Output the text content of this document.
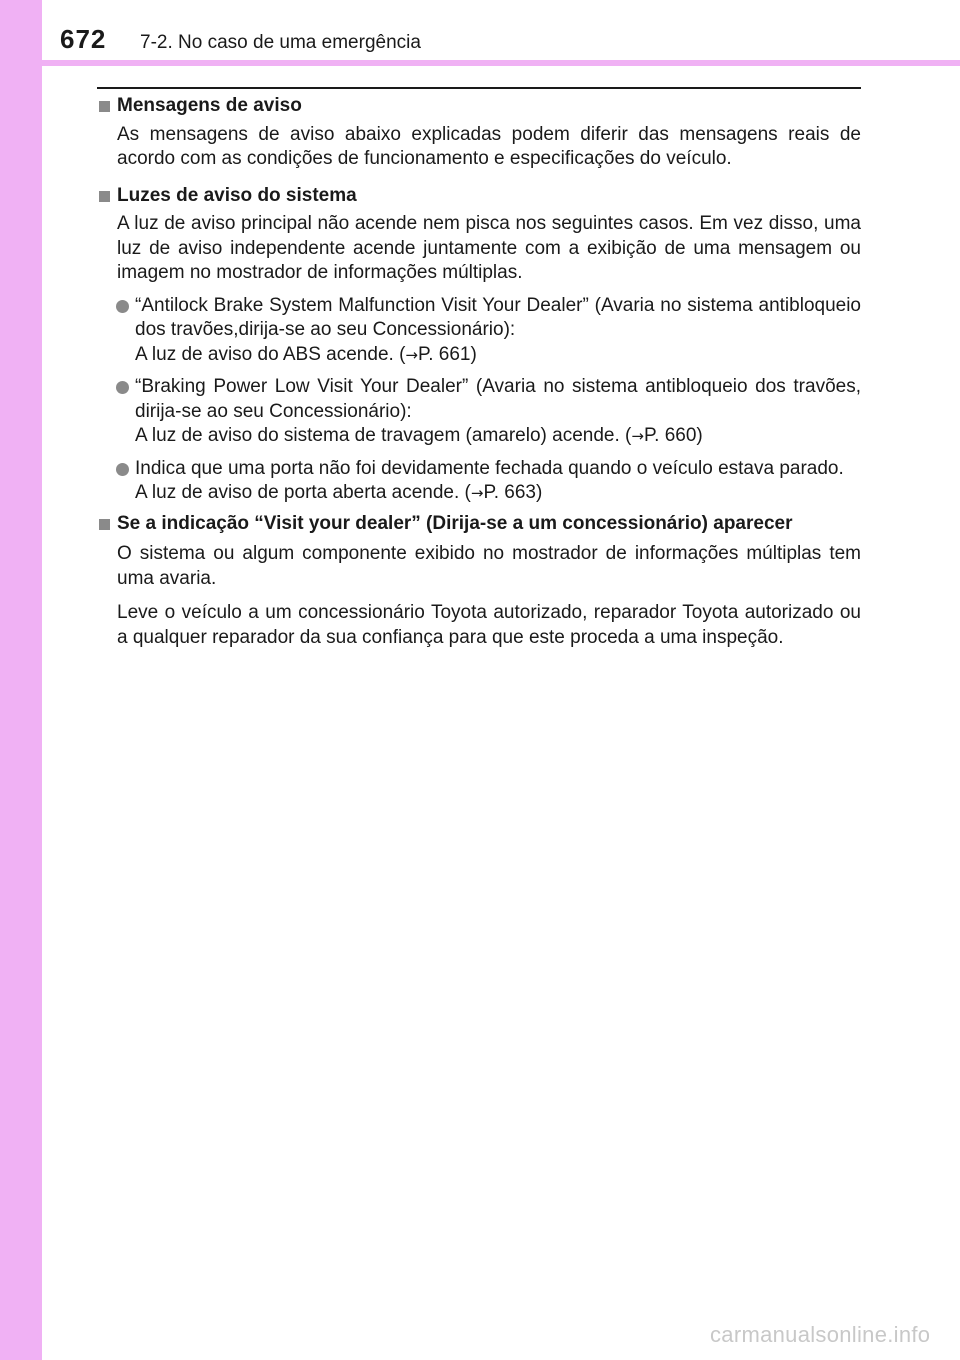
672 7-2. No caso de uma emergência
Mensagens de aviso
As mensagens de aviso abaixo explicadas podem diferir das mensagens reais de acordo com as condições de funcionamento e especificações do veículo.
Luzes de aviso do sistema
A luz de aviso principal não acende nem pisca nos seguintes casos. Em vez disso, uma luz de aviso independente acende juntamente com a exibição de uma mensagem ou imagem no mostrador de informações múltiplas.
“Antilock Brake System Malfunction Visit Your Dealer” (Avaria no sistema antibloqueio dos travões,dirija-se ao seu Concessionário):
A luz de aviso do ABS acende. (→P. 661)
“Braking Power Low Visit Your Dealer” (Avaria no sistema antibloqueio dos travões, dirija-se ao seu Concessionário):
A luz de aviso do sistema de travagem (amarelo) acende. (→P. 660)
Indica que uma porta não foi devidamente fechada quando o veículo estava parado.
A luz de aviso de porta aberta acende. (→P. 663)
Se a indicação “Visit your dealer” (Dirija-se a um concessionário) aparecer
O sistema ou algum componente exibido no mostrador de informações múltiplas tem uma avaria.
Leve o veículo a um concessionário Toyota autorizado, reparador Toyota autorizado ou a qualquer reparador da sua confiança para que este proceda a uma inspeção.
carmanualsonline.info
